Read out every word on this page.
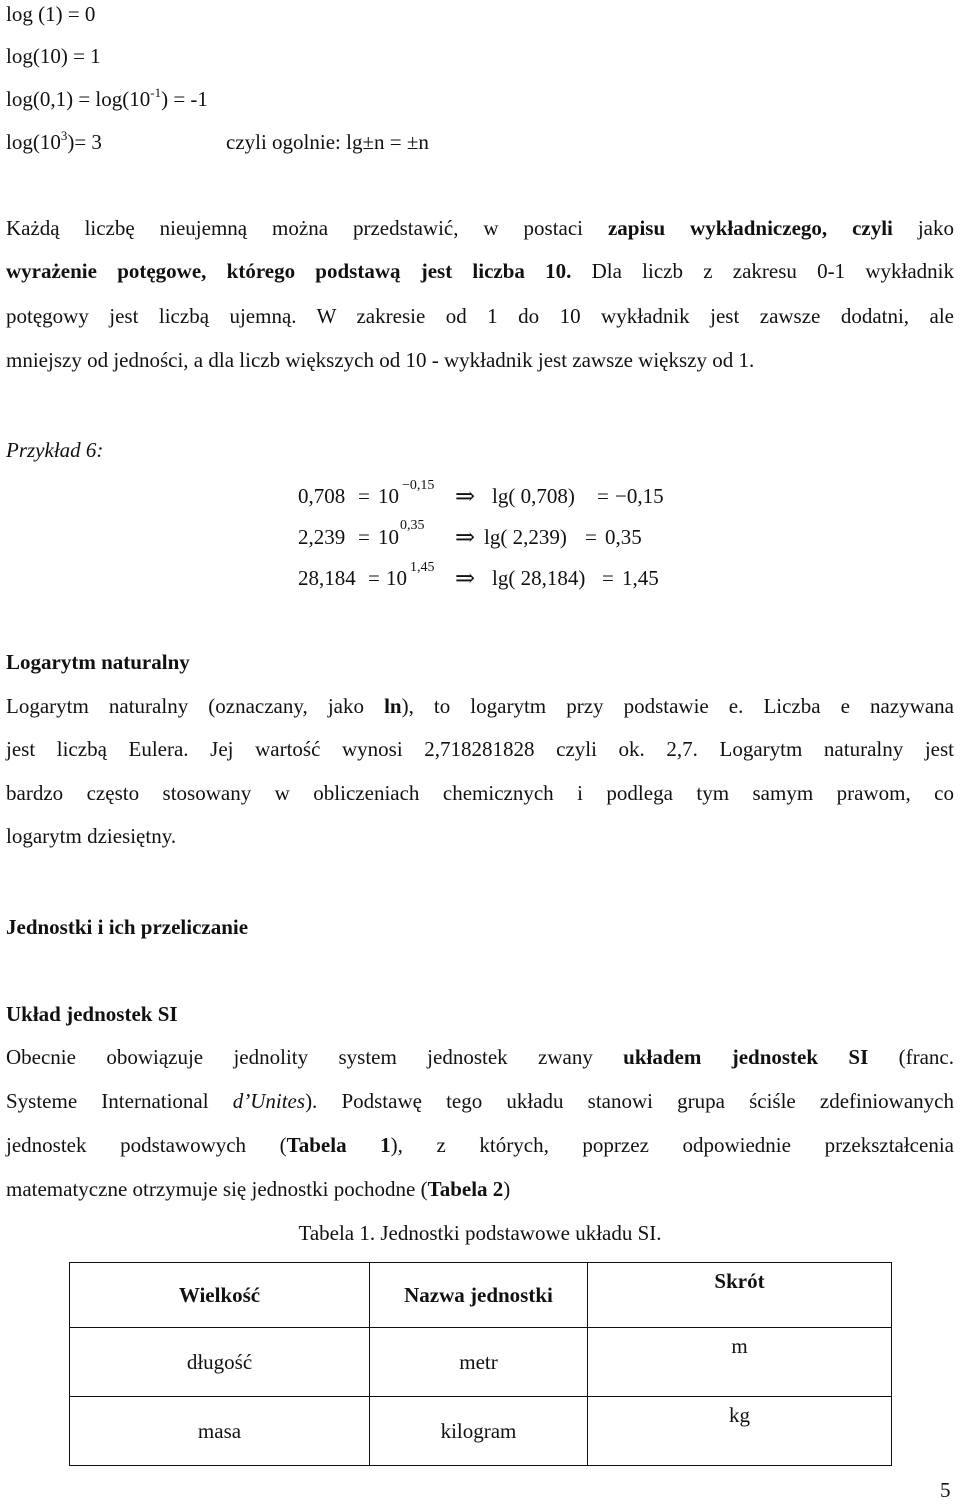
log (1) = 0
log(10) = 1
$\log(0,1) = \log(10^{-1}) = -1$
$\log(10^3)= 3$	czyli ogolnie: lg±n = ±n
Każdą liczbę nieujemną można przedstawić, w postaci zapisu wykładniczego, czyli jako
wyrażenie potęgowe, którego podstawą jest liczba 10. Dla liczb z zakresu 0-1 wykładnik
potęgowy jest liczbą ujemną. W zakresie od 1 do 10 wykładnik jest zawsze dodatni, ale
mniejszy od jedności, a dla liczb większych od 10 - wykładnik jest zawsze większy od 1.
Przykład 6:
0,708 = 10 −0,15 ⇒ lg( 0,708) = −0,15
2,239 = 10 0,35 ⇒ lg( 2,239) = 0,35
28,184 = 10 1,45 ⇒ lg( 28,184) = 1,45
Logarytm naturalny
Logarytm naturalny (oznaczany, jako ln), to logarytm przy podstawie e. Liczba e nazywana
jest liczbą Eulera. Jej wartość wynosi 2,718281828 czyli ok. 2,7. Logarytm naturalny jest
bardzo często stosowany w obliczeniach chemicznych i podlega tym samym prawom, co
logarytm dziesiętny.
Jednostki i ich przeliczanie
Układ jednostek SI
Obecnie obowiązuje jednolity system jednostek zwany układem jednostek SI (franc.
Systeme International d’Unites). Podstawę tego układu stanowi grupa ściśle zdefiniowanych
jednostek podstawowych (Tabela 1), z których, poprzez odpowiednie przekształcenia
matematyczne otrzymuje się jednostki pochodne (Tabela 2)
Tabela 1. Jednostki podstawowe układu SI.
Wielkość	Nazwa jednostki	Skrót
długość	metr	m
masa	kilogram	kg
5
